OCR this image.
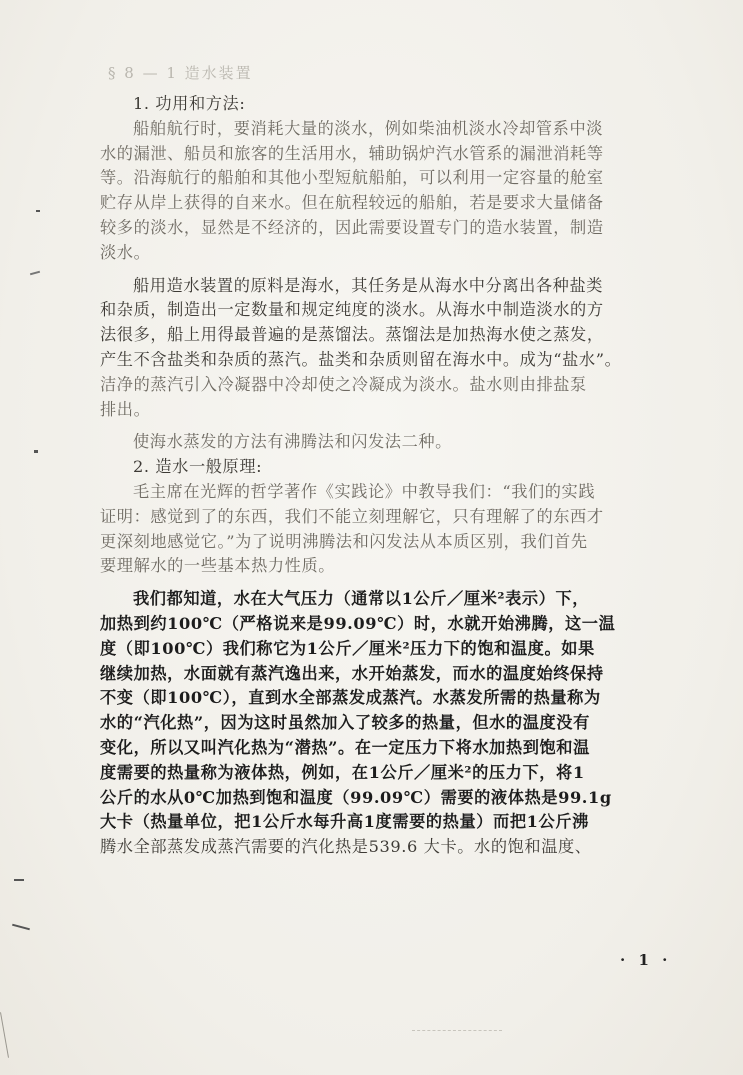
§ 8 — 1 造水装置
1. 功用和方法:
船舶航行时，要消耗大量的淡水，例如柴油机淡水冷却管系中淡
水的漏泄、船员和旅客的生活用水，辅助锅炉汽水管系的漏泄消耗等
等。沿海航行的船舶和其他小型短航船舶，可以利用一定容量的舱室
贮存从岸上获得的自来水。但在航程较远的船舶，若是要求大量储备
较多的淡水，显然是不经济的，因此需要设置专门的造水装置，制造
淡水。
船用造水装置的原料是海水，其任务是从海水中分离出各种盐类
和杂质，制造出一定数量和规定纯度的淡水。从海水中制造淡水的方
法很多，船上用得最普遍的是蒸馏法。蒸馏法是加热海水使之蒸发，
产生不含盐类和杂质的蒸汽。盐类和杂质则留在海水中。成为“盐水”。
洁净的蒸汽引入冷凝器中冷却使之冷凝成为淡水。盐水则由排盐泵
排出。
使海水蒸发的方法有沸腾法和闪发法二种。
2. 造水一般原理:
毛主席在光辉的哲学著作《实践论》中教导我们：“我们的实践
证明：感觉到了的东西，我们不能立刻理解它，只有理解了的东西才
更深刻地感觉它。”为了说明沸腾法和闪发法从本质区别，我们首先
要理解水的一些基本热力性质。
我们都知道，水在大气压力（通常以1公斤／厘米²表示）下，
加热到约100℃（严格说来是99.09℃）时，水就开始沸腾，这一温
度（即100℃）我们称它为1公斤／厘米²压力下的饱和温度。如果
继续加热，水面就有蒸汽逸出来，水开始蒸发，而水的温度始终保持
不变（即100℃），直到水全部蒸发成蒸汽。水蒸发所需的热量称为
水的“汽化热”，因为这时虽然加入了较多的热量，但水的温度没有
变化，所以又叫汽化热为“潜热”。在一定压力下将水加热到饱和温
度需要的热量称为液体热，例如，在1公斤／厘米²的压力下，将1
公斤的水从0℃加热到饱和温度（99.09℃）需要的液体热是99.1g
大卡（热量单位，把1公斤水每升高1度需要的热量）而把1公斤沸
腾水全部蒸发成蒸汽需要的汽化热是539.6 大卡。水的饱和温度、
· 1 ·
